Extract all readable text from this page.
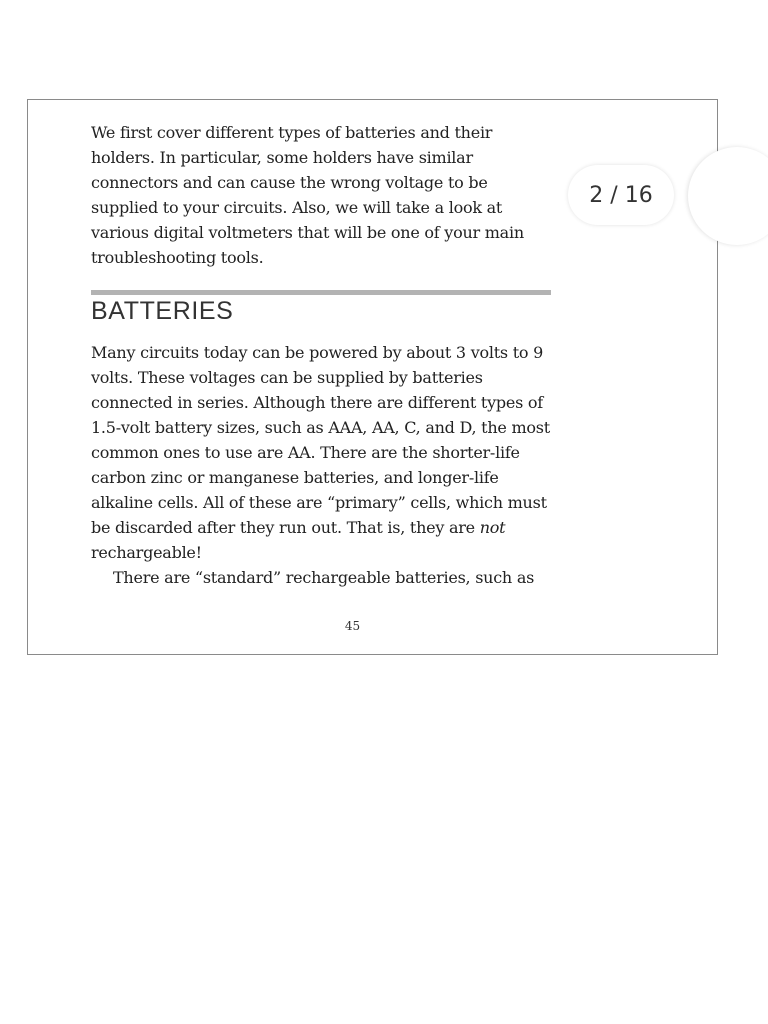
We first cover different types of batteries and their holders. In particular, some holders have similar connectors and can cause the wrong voltage to be supplied to your circuits. Also, we will take a look at various digital voltmeters that will be one of your main troubleshooting tools.

BATTERIES

Many circuits today can be powered by about 3 volts to 9 volts. These voltages can be supplied by batteries connected in series. Although there are different types of 1.5-volt battery sizes, such as AAA, AA, C, and D, the most common ones to use are AA. There are the shorter-life carbon zinc or manganese batteries, and longer-life alkaline cells. All of these are “primary” cells, which must be discarded after they run out. That is, they are not rechargeable!

There are “standard” rechargeable batteries, such as

45
2 / 16
